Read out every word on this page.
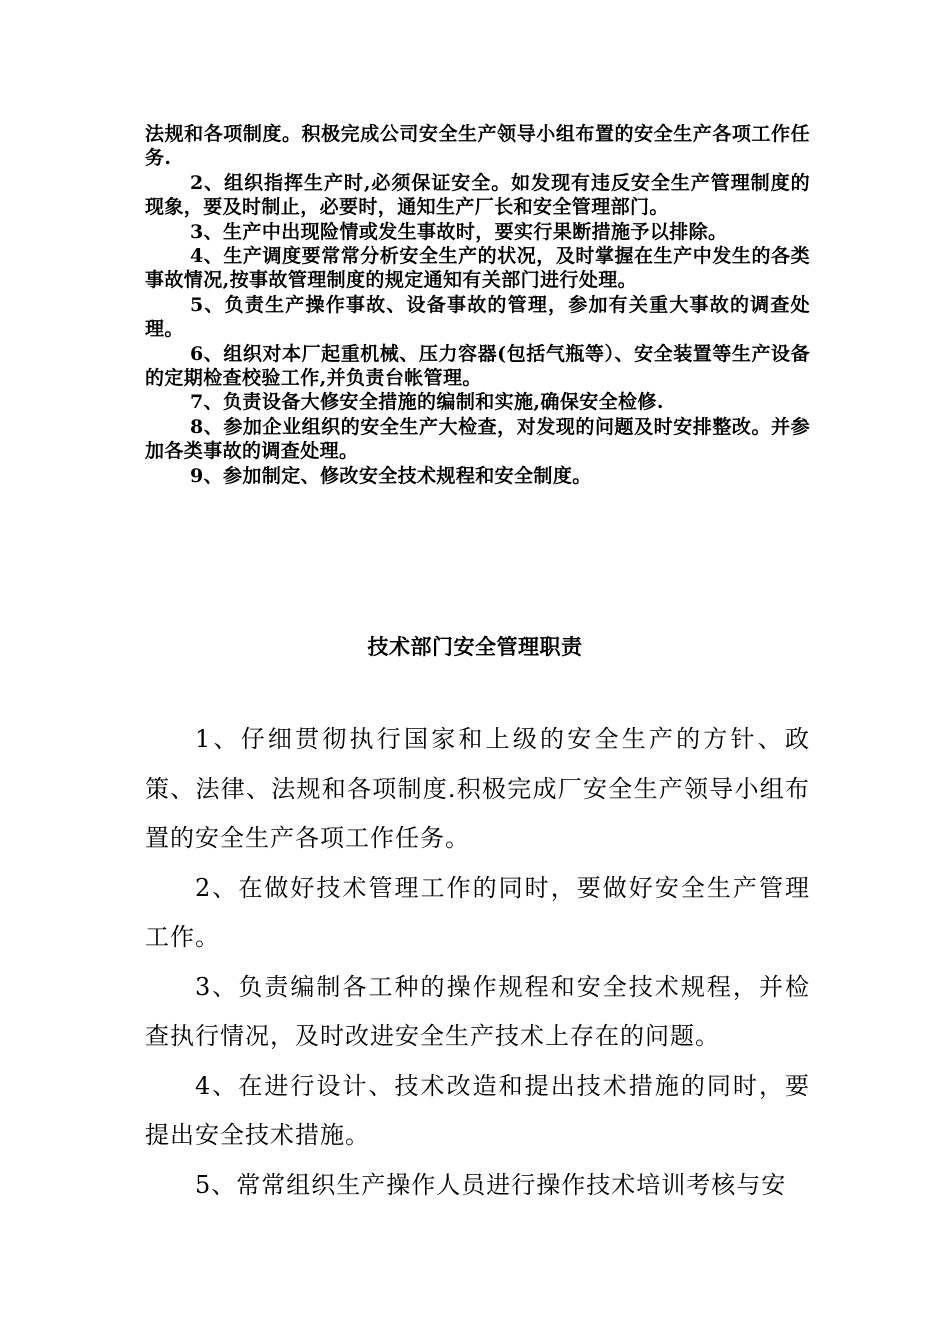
法规和各项制度。积极完成公司安全生产领导小组布置的安全生产各项工作任务.

2、组织指挥生产时,必须保证安全。如发现有违反安全生产管理制度的现象，要及时制止，必要时，通知生产厂长和安全管理部门。

3、生产中出现险情或发生事故时，要实行果断措施予以排除。

4、生产调度要常常分析安全生产的状况，及时掌握在生产中发生的各类事故情况,按事故管理制度的规定通知有关部门进行处理。

5、负责生产操作事故、设备事故的管理，参加有关重大事故的调查处理。

6、组织对本厂起重机械、压力容器(包括气瓶等）、安全装置等生产设备的定期检查校验工作,并负责台帐管理。

7、负责设备大修安全措施的编制和实施,确保安全检修.

8、参加企业组织的安全生产大检查，对发现的问题及时安排整改。并参加各类事故的调查处理。

9、参加制定、修改安全技术规程和安全制度。

技术部门安全管理职责

1、仔细贯彻执行国家和上级的安全生产的方针、政策、法律、法规和各项制度.积极完成厂安全生产领导小组布置的安全生产各项工作任务。

2、在做好技术管理工作的同时，要做好安全生产管理工作。

3、负责编制各工种的操作规程和安全技术规程，并检查执行情况，及时改进安全生产技术上存在的问题。

4、在进行设计、技术改造和提出技术措施的同时，要提出安全技术措施。

5、常常组织生产操作人员进行操作技术培训考核与安
